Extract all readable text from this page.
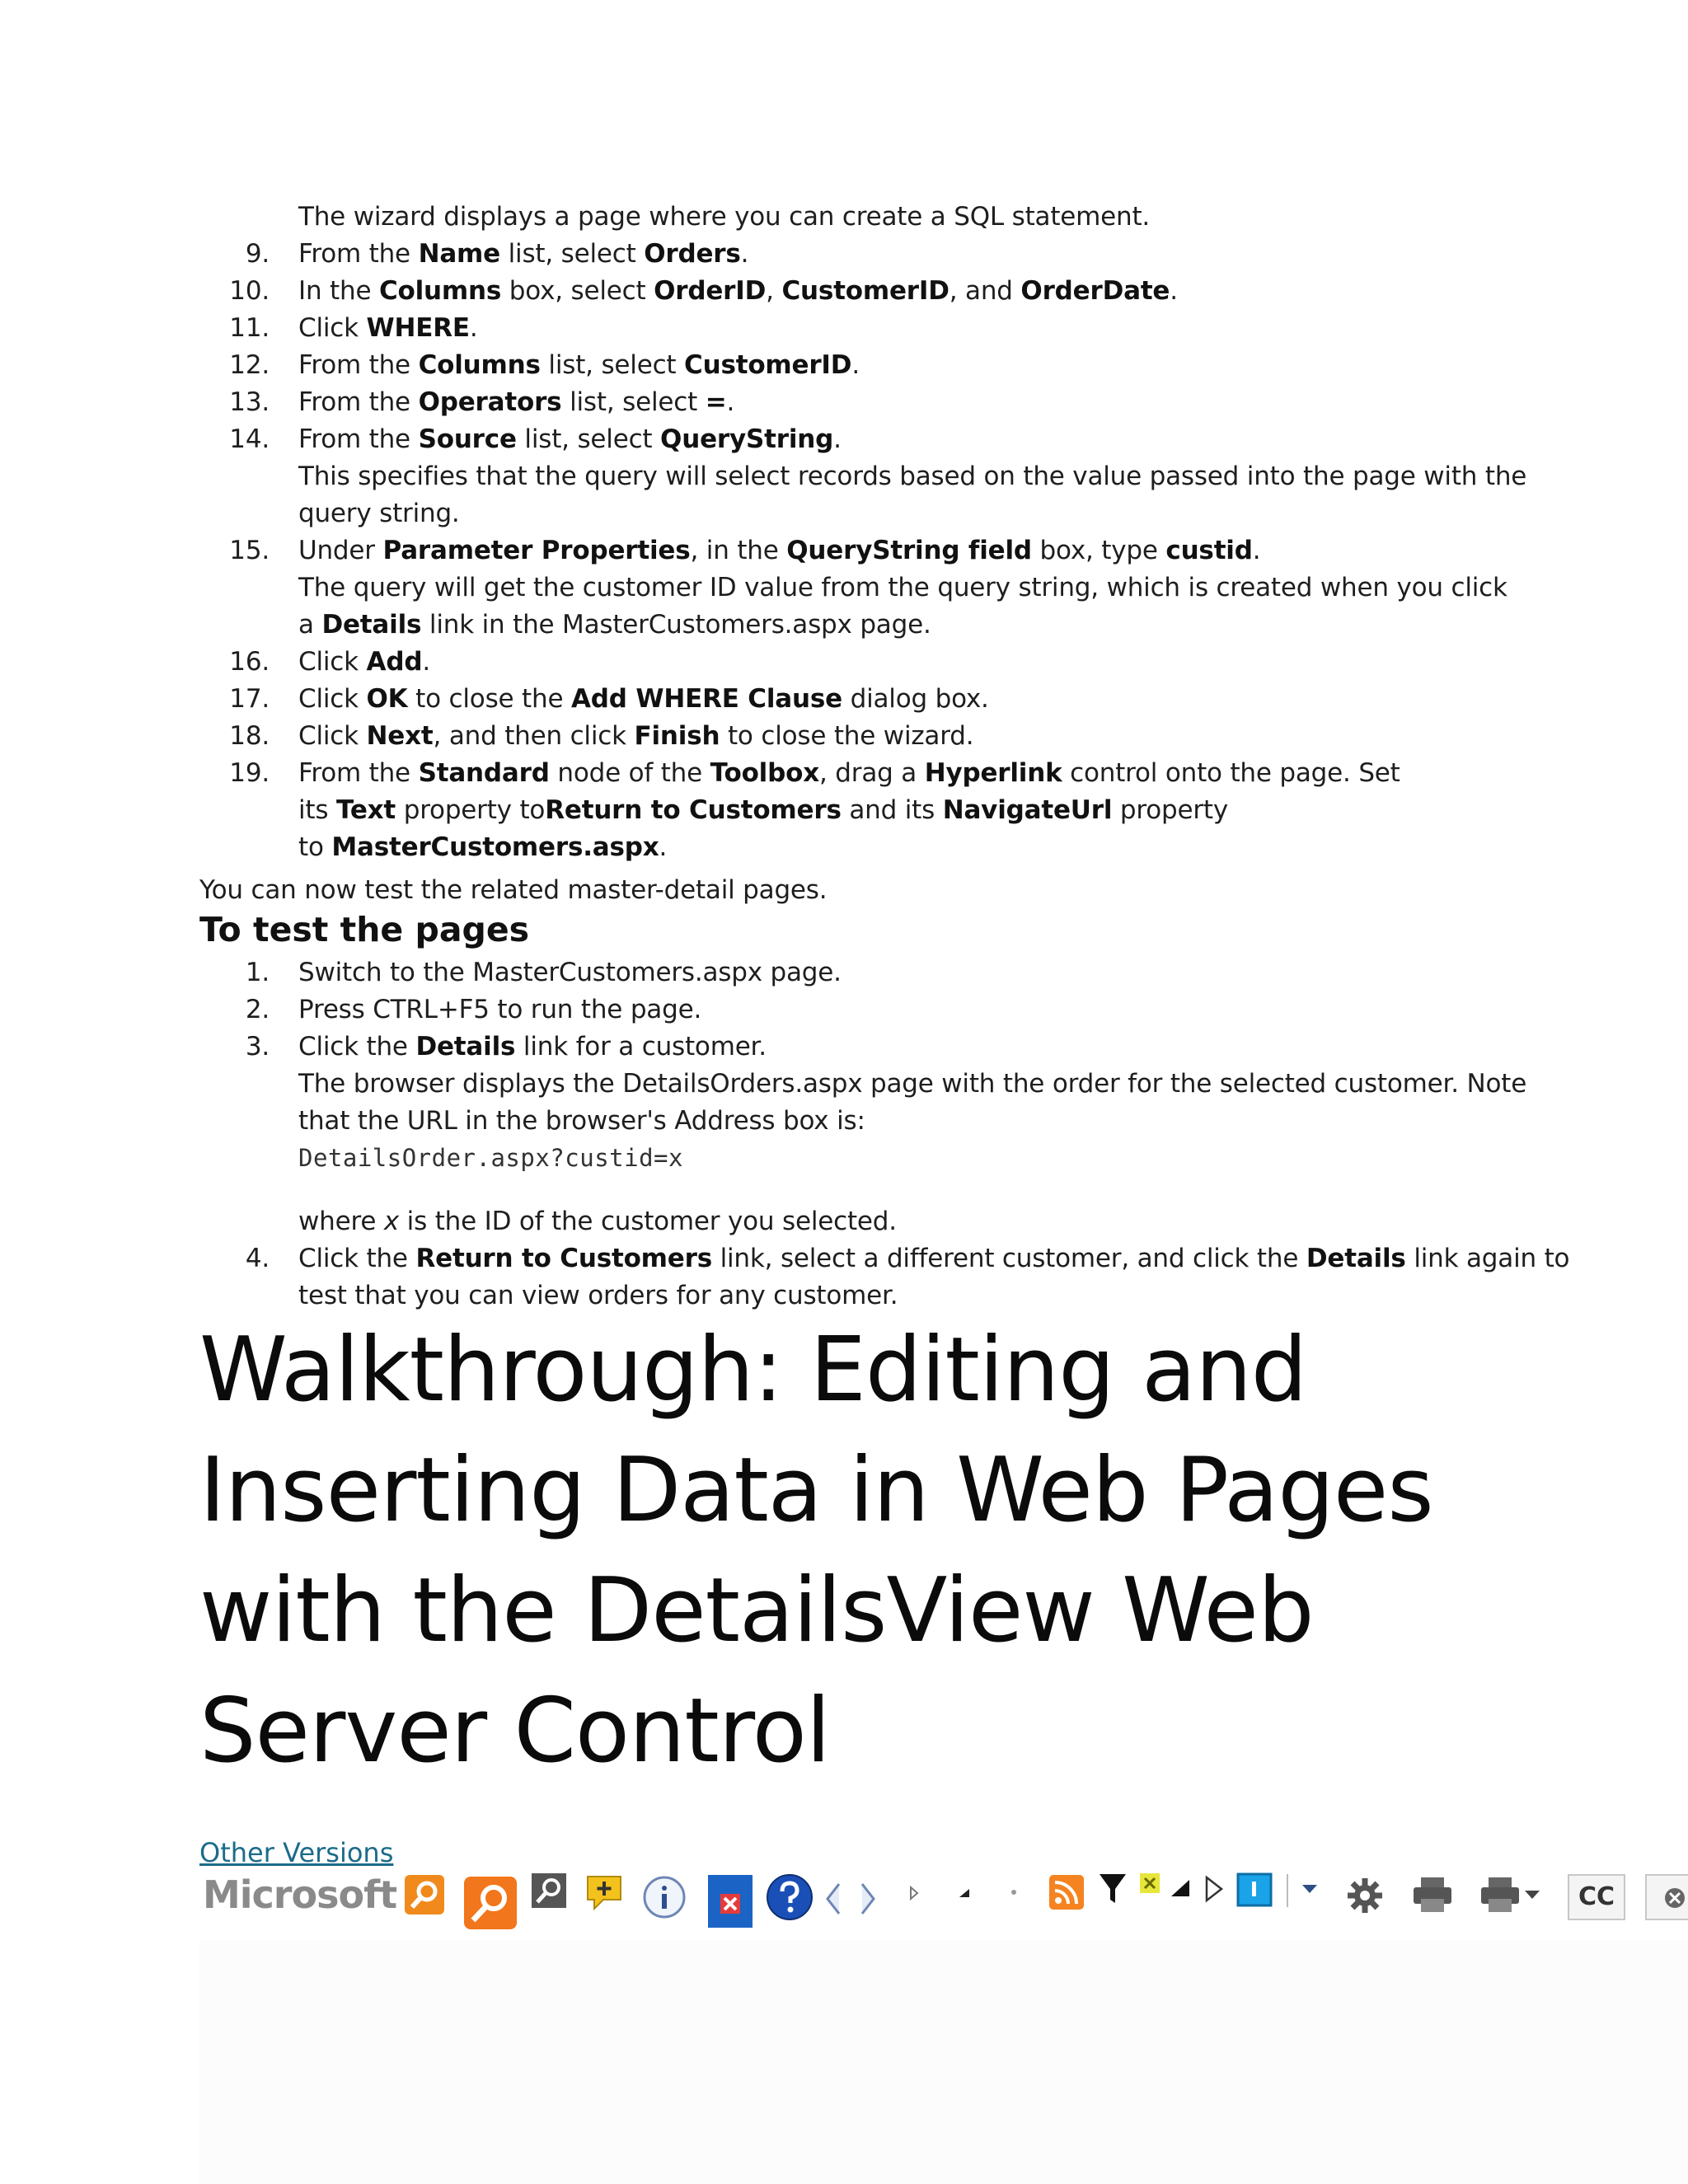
The wizard displays a page where you can create a SQL statement.
9. From the Name list, select Orders.
10. In the Columns box, select OrderID, CustomerID, and OrderDate.
11. Click WHERE.
12. From the Columns list, select CustomerID.
13. From the Operators list, select =.
14. From the Source list, select QueryString.
This specifies that the query will select records based on the value passed into the page with the
query string.
15. Under Parameter Properties, in the QueryString field box, type custid.
The query will get the customer ID value from the query string, which is created when you click
a Details link in the MasterCustomers.aspx page.
16. Click Add.
17. Click OK to close the Add WHERE Clause dialog box.
18. Click Next, and then click Finish to close the wizard.
19. From the Standard node of the Toolbox, drag a Hyperlink control onto the page. Set
its Text property toReturn to Customers and its NavigateUrl property
to MasterCustomers.aspx.
You can now test the related master-detail pages.
To test the pages
1. Switch to the MasterCustomers.aspx page.
2. Press CTRL+F5 to run the page.
3. Click the Details link for a customer.
The browser displays the DetailsOrders.aspx page with the order for the selected customer. Note
that the URL in the browser's Address box is:
DetailsOrder.aspx?custid=x
where x is the ID of the customer you selected.
4. Click the Return to Customers link, select a different customer, and click the Details link again to
test that you can view orders for any customer.
Walkthrough: Editing and
Inserting Data in Web Pages
with the DetailsView Web
Server Control
Other Versions
Microsoft	CC
